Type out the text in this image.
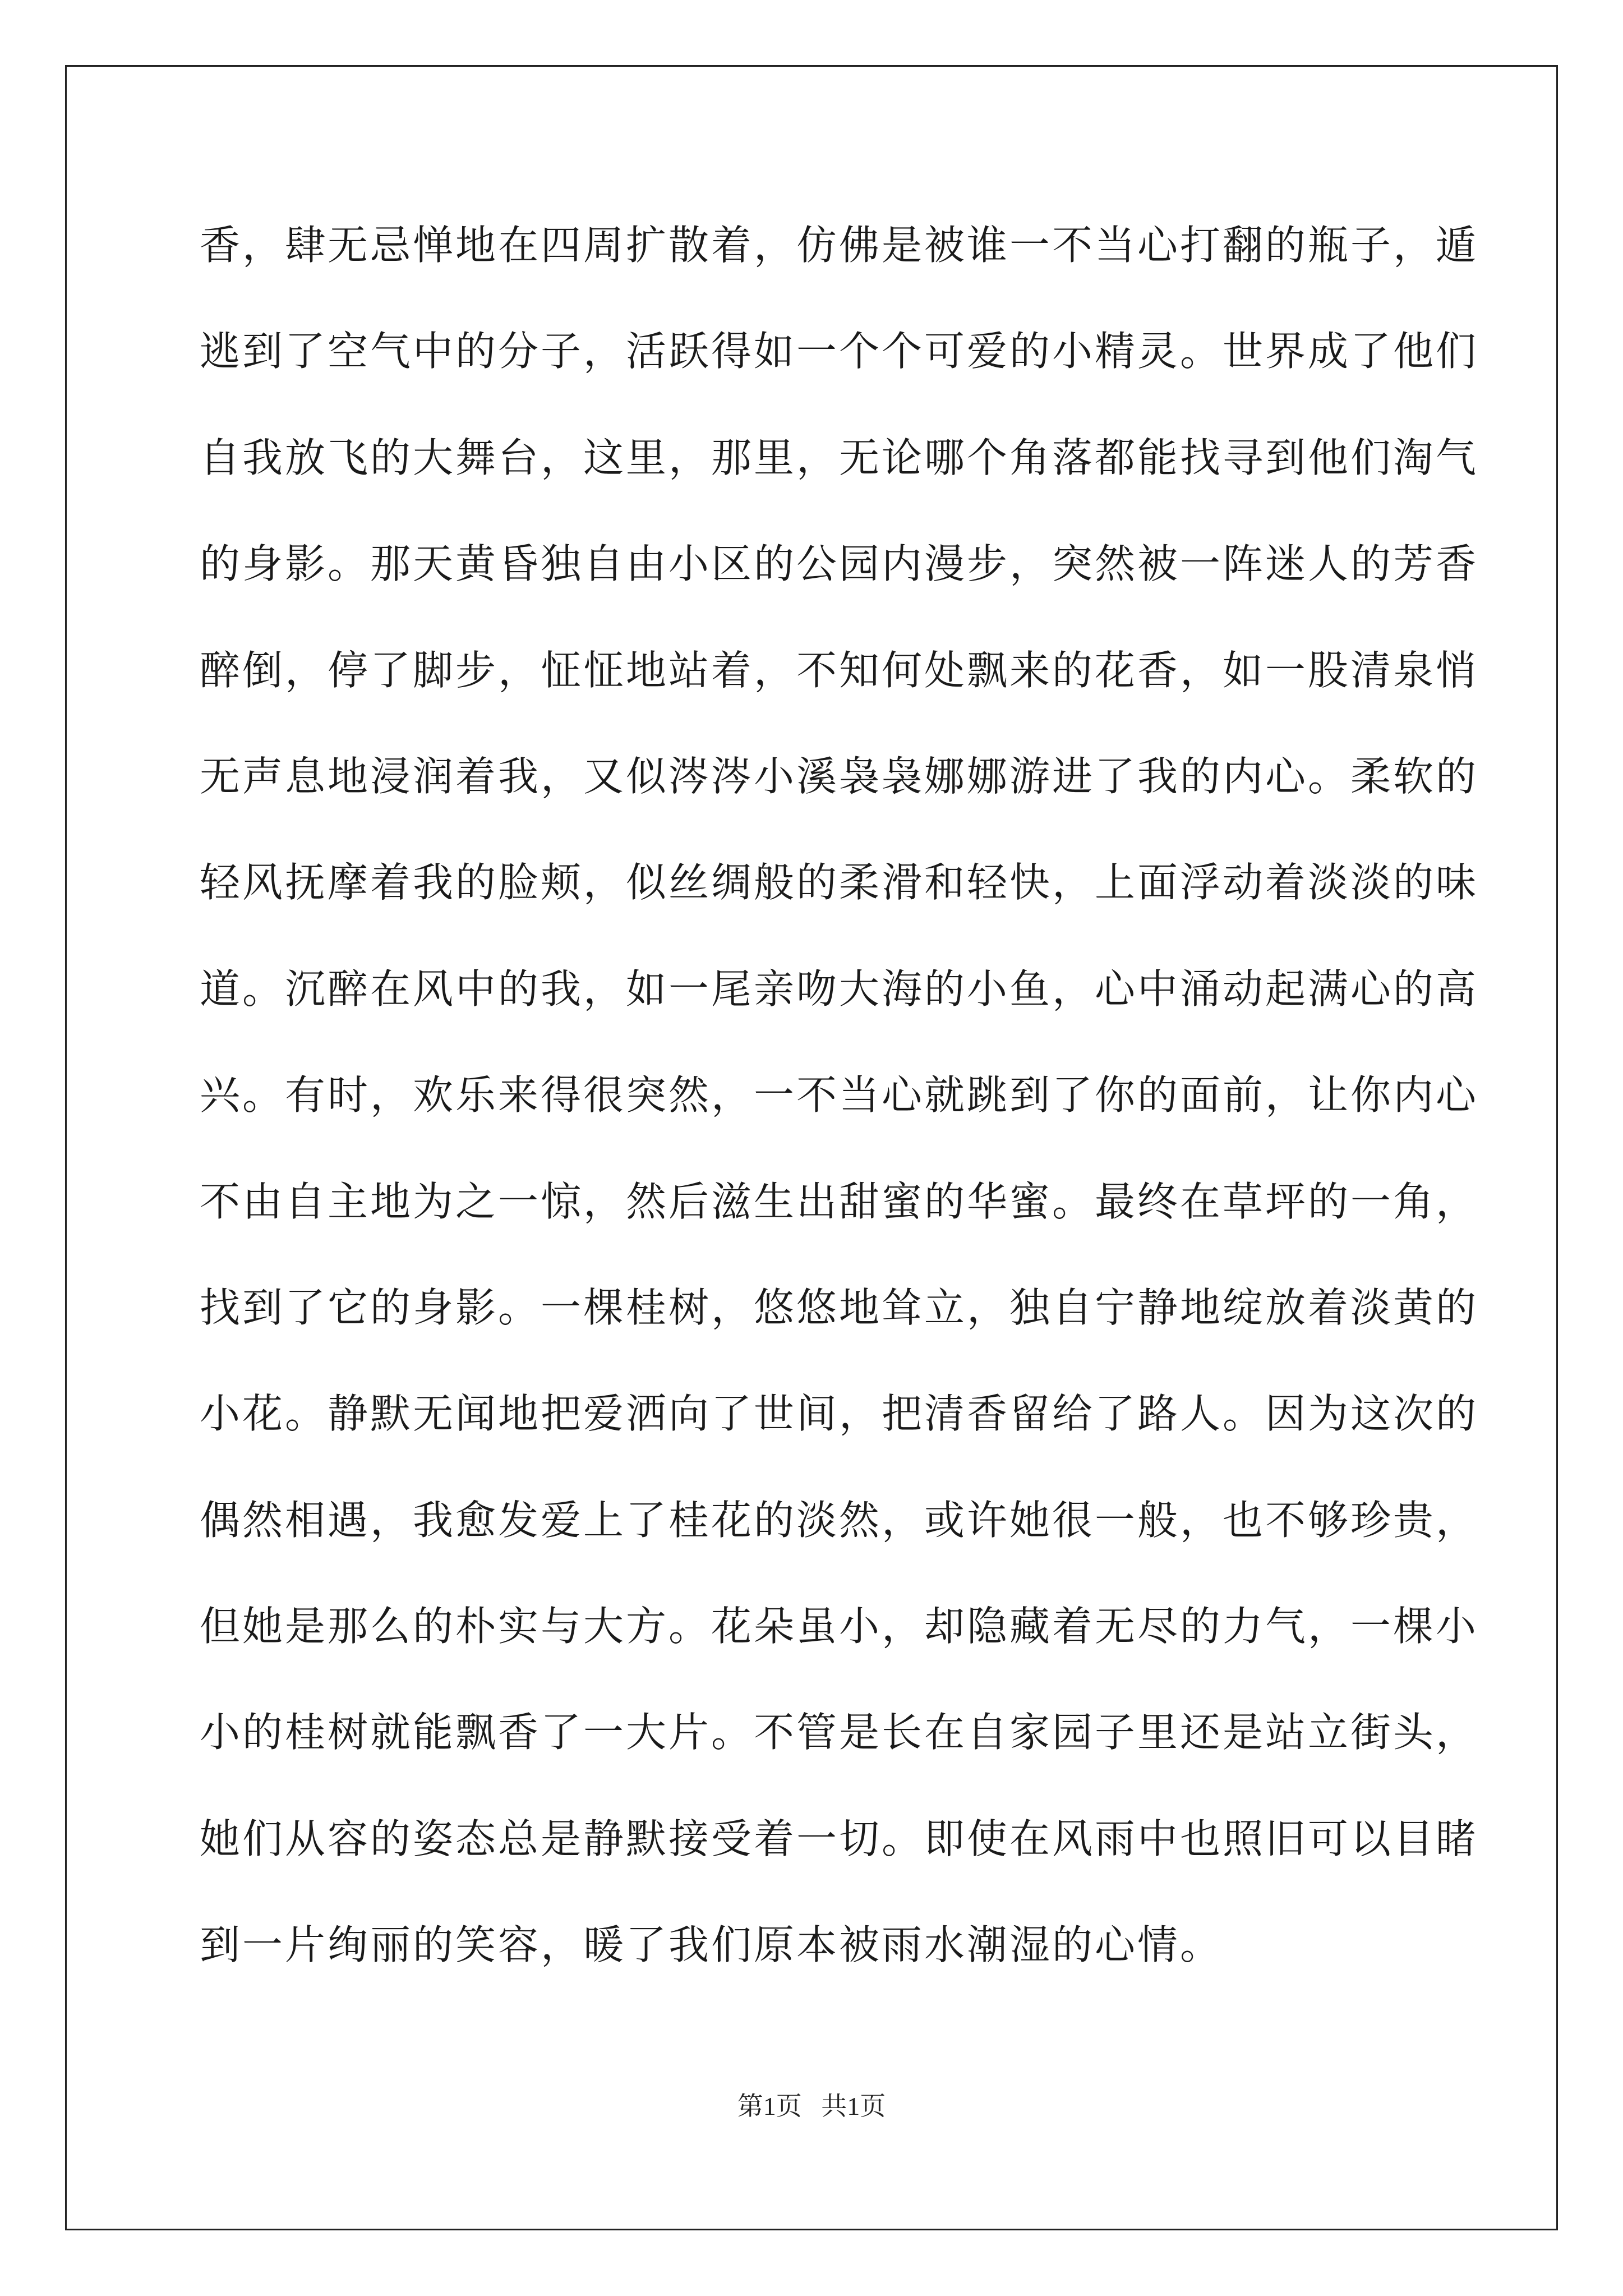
香，肆无忌惮地在四周扩散着，仿佛是被谁一不当心打翻的瓶子，遁
逃到了空气中的分子，活跃得如一个个可爱的小精灵。世界成了他们
自我放飞的大舞台，这里，那里，无论哪个角落都能找寻到他们淘气
的身影。那天黄昏独自由小区的公园内漫步，突然被一阵迷人的芳香
醉倒，停了脚步，怔怔地站着，不知何处飘来的花香，如一股清泉悄
无声息地浸润着我，又似涔涔小溪袅袅娜娜游进了我的内心。柔软的
轻风抚摩着我的脸颊，似丝绸般的柔滑和轻快，上面浮动着淡淡的味
道。沉醉在风中的我，如一尾亲吻大海的小鱼，心中涌动起满心的高
兴。有时，欢乐来得很突然，一不当心就跳到了你的面前，让你内心
不由自主地为之一惊，然后滋生出甜蜜的华蜜。最终在草坪的一角，
找到了它的身影。一棵桂树，悠悠地耸立，独自宁静地绽放着淡黄的
小花。静默无闻地把爱洒向了世间，把清香留给了路人。因为这次的
偶然相遇，我愈发爱上了桂花的淡然，或许她很一般，也不够珍贵，
但她是那么的朴实与大方。花朵虽小，却隐藏着无尽的力气，一棵小
小的桂树就能飘香了一大片。不管是长在自家园子里还是站立街头，
她们从容的姿态总是静默接受着一切。即使在风雨中也照旧可以目睹
到一片绚丽的笑容，暖了我们原本被雨水潮湿的心情。
第1页 共1页
